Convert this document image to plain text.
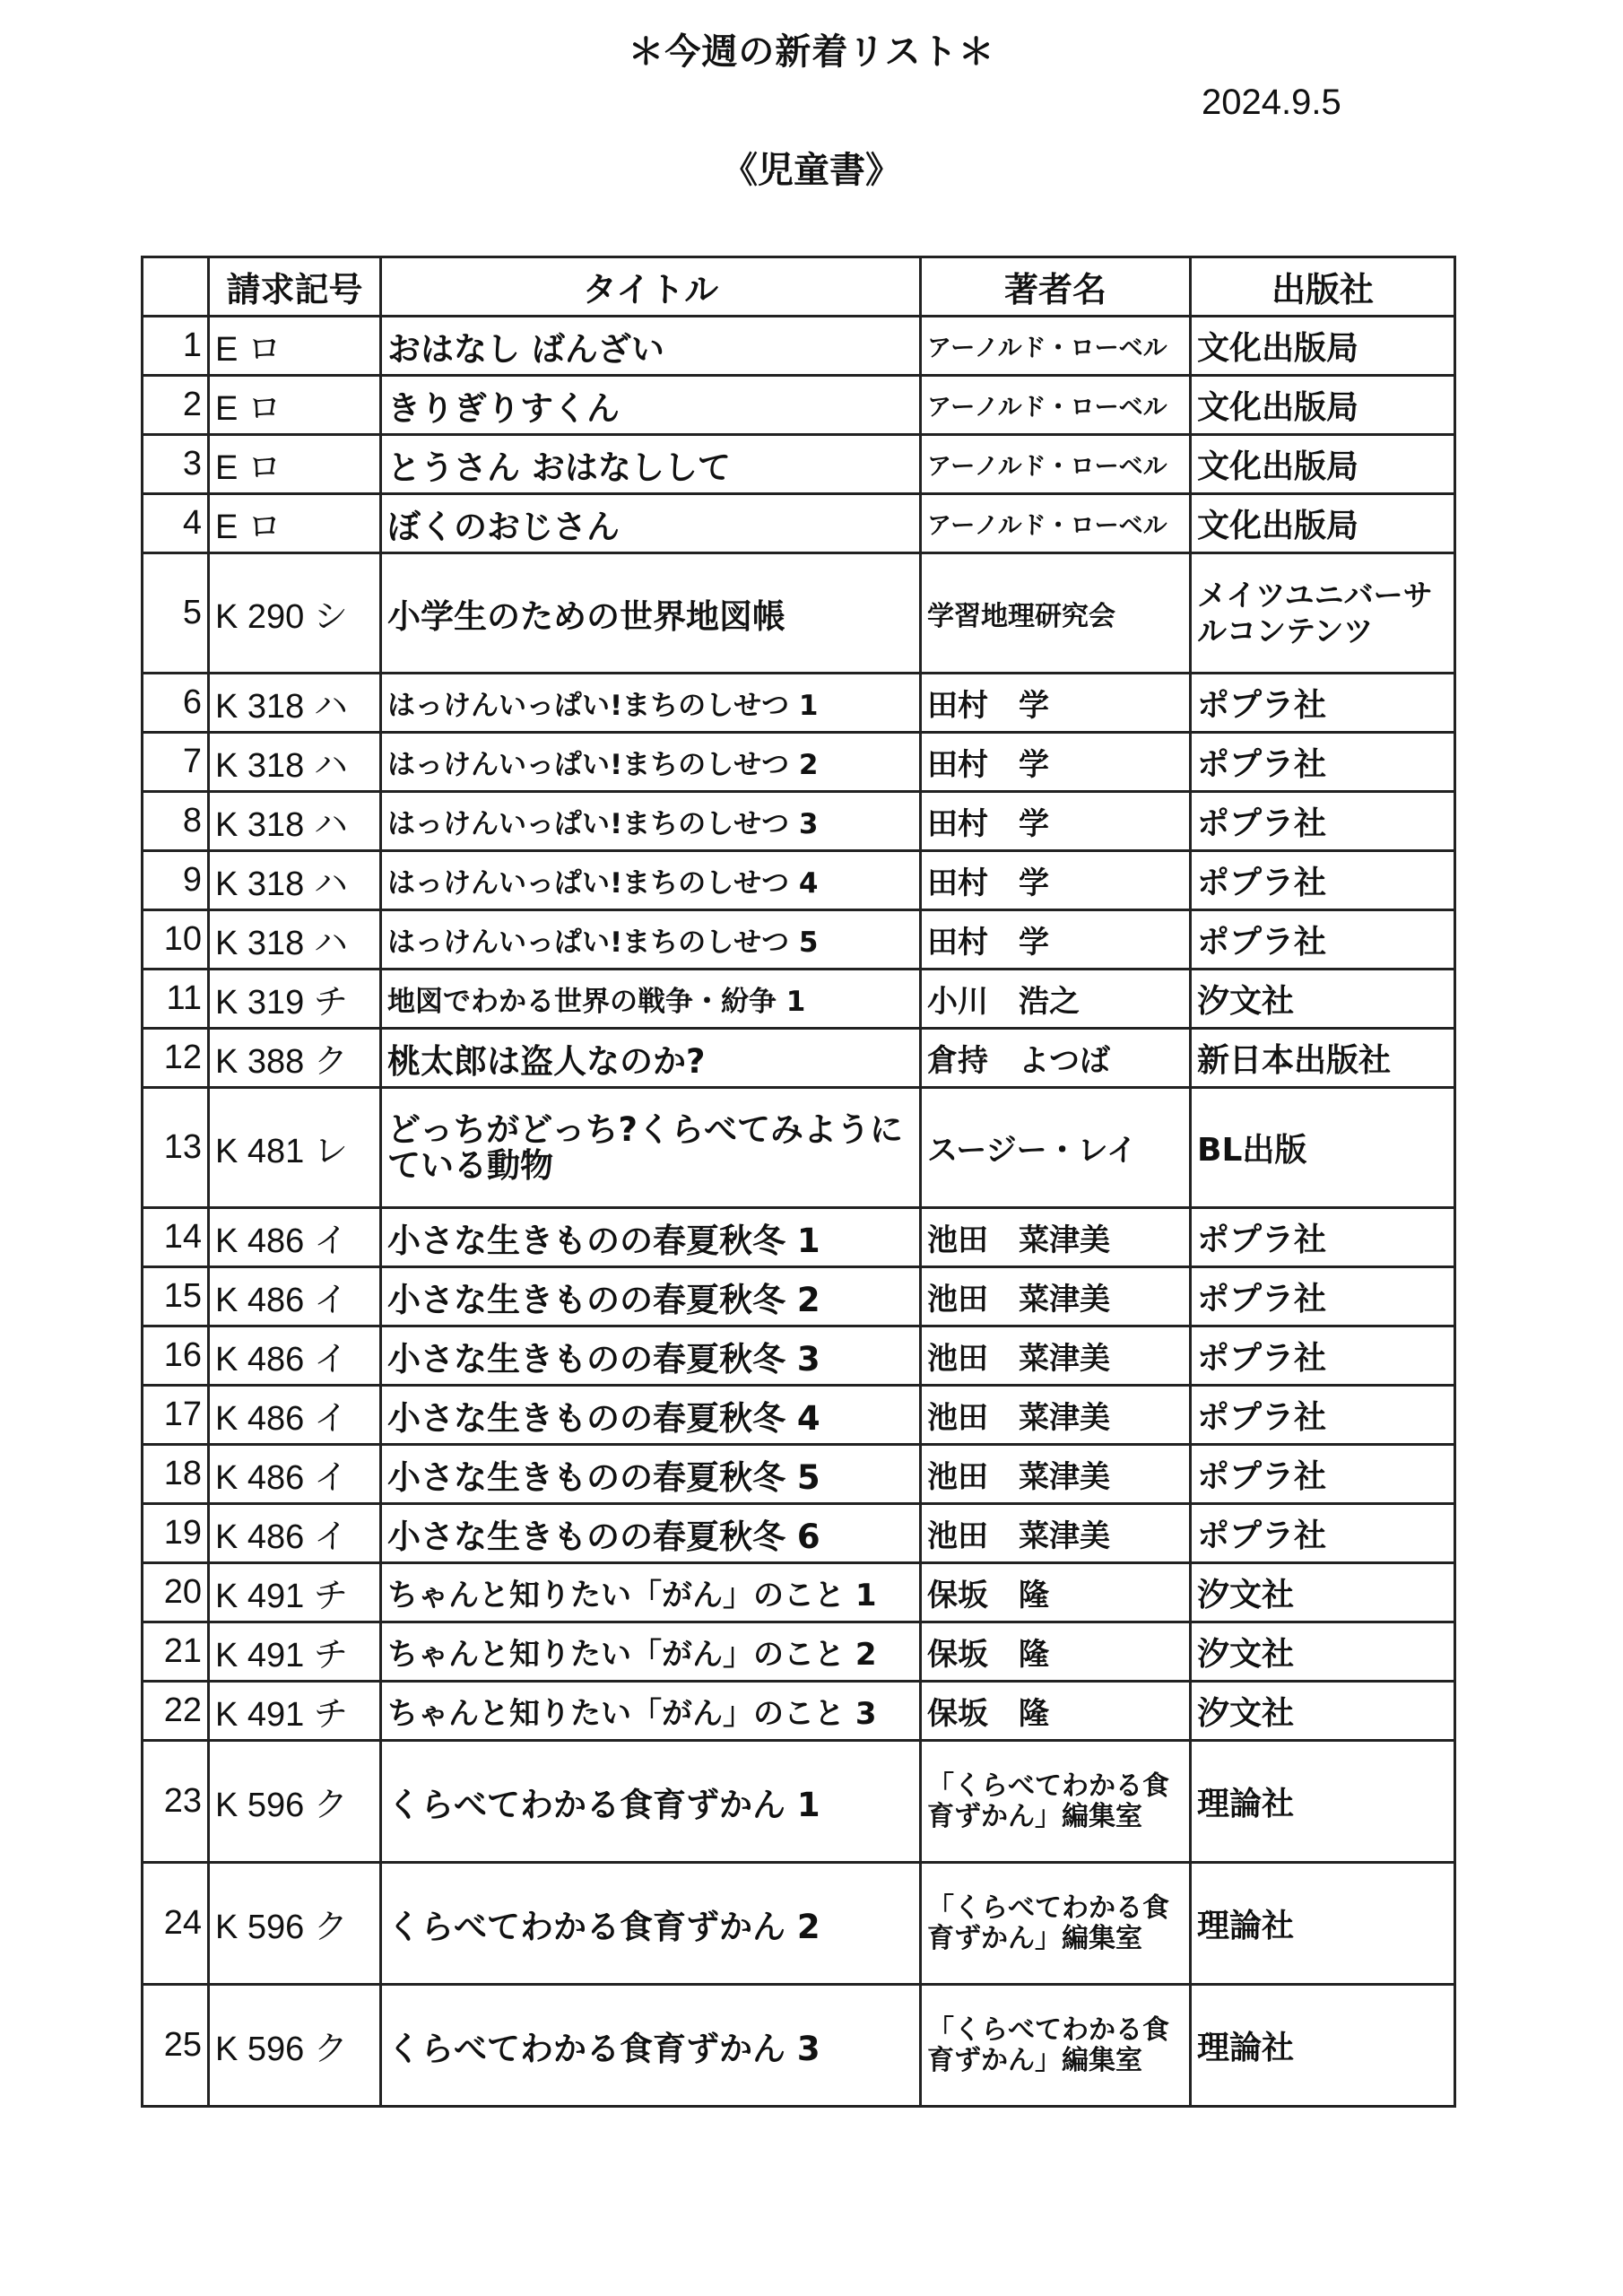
＊今週の新着リスト＊
2024.9.5
《児童書》
	請求記号	タイトル	著者名	出版社
1	E ロ	おはなし ばんざい	アーノルド・ローベル	文化出版局
2	E ロ	きりぎりすくん	アーノルド・ローベル	文化出版局
3	E ロ	とうさん おはなしして	アーノルド・ローベル	文化出版局
4	E ロ	ぼくのおじさん	アーノルド・ローベル	文化出版局
5	K 290 シ	小学生のための世界地図帳	学習地理研究会	メイツユニバーサルコンテンツ
6	K 318 ハ	はっけんいっぱい!まちのしせつ 1	田村　学	ポプラ社
7	K 318 ハ	はっけんいっぱい!まちのしせつ 2	田村　学	ポプラ社
8	K 318 ハ	はっけんいっぱい!まちのしせつ 3	田村　学	ポプラ社
9	K 318 ハ	はっけんいっぱい!まちのしせつ 4	田村　学	ポプラ社
10	K 318 ハ	はっけんいっぱい!まちのしせつ 5	田村　学	ポプラ社
11	K 319 チ	地図でわかる世界の戦争・紛争 1	小川　浩之	汐文社
12	K 388 ク	桃太郎は盗人なのか?	倉持　よつば	新日本出版社
13	K 481 レ	どっちがどっち?くらべてみようにている動物	スージー・レイ	BL出版
14	K 486 イ	小さな生きものの春夏秋冬 1	池田　菜津美	ポプラ社
15	K 486 イ	小さな生きものの春夏秋冬 2	池田　菜津美	ポプラ社
16	K 486 イ	小さな生きものの春夏秋冬 3	池田　菜津美	ポプラ社
17	K 486 イ	小さな生きものの春夏秋冬 4	池田　菜津美	ポプラ社
18	K 486 イ	小さな生きものの春夏秋冬 5	池田　菜津美	ポプラ社
19	K 486 イ	小さな生きものの春夏秋冬 6	池田　菜津美	ポプラ社
20	K 491 チ	ちゃんと知りたい「がん」のこと 1	保坂　隆	汐文社
21	K 491 チ	ちゃんと知りたい「がん」のこと 2	保坂　隆	汐文社
22	K 491 チ	ちゃんと知りたい「がん」のこと 3	保坂　隆	汐文社
23	K 596 ク	くらべてわかる食育ずかん 1	「くらべてわかる食育ずかん」編集室	理論社
24	K 596 ク	くらべてわかる食育ずかん 2	「くらべてわかる食育ずかん」編集室	理論社
25	K 596 ク	くらべてわかる食育ずかん 3	「くらべてわかる食育ずかん」編集室	理論社
